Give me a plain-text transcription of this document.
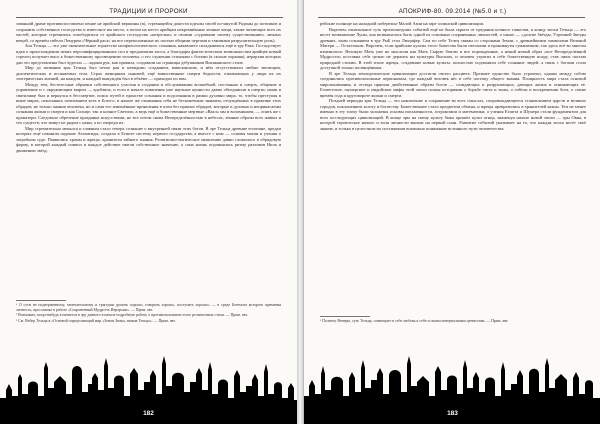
ТРАДИЦИИ И ПРОРОКИ

зованной драме противопоставлено пение не арийской вершины (в), стремящейся донести идеалы своей по-мнутой Родины до потомков и сохранить собственное господство и известное им место, а потом на место арийцам некремнённые личные вещи, также читающих всех их частей, которые стремились освободиться от арийского господства «незрелых» и своими «суровыми своему существованию» личных вещей, со времён гибели Лемурии «Чёрный раса» на все переполненные их частью общими чертами и таковыми разрушительную роль).

Зон Тельца — это уже окончательное торжество неофилологического сознания, начавшего складываться ещё в эру Рака. Господствует идея о происхождении неких персонифицированных сил и предначатия хаоса, а благодарм фантастическим возможностям арийцев новый стрелец получает высь к божественному просвещению человека, о его служении стихиями с богами (в склоне охраняя), иерархия которых дан это представлены был чудесно — ладони рук, как правила, создавали на страницы дебушников Вокиканского стиле.

Мир до названия эры Тельца был четно рая и невидимо созданием, вавилонским, и нём отсутствовали любые эволюции, диалектических и иссякаемых тела. Страх женщинам сыновей, ещё воинственные смерти бедности, отнимающих у люди их их эзотерических жизней, на каждом, и каждый вынуждён был в объёме — приходил по вам.

Между тем, бестелесные обрывки собственного участия в создании и обслуживании волшебной, постоянно и смерть, общение и управление и с окружающим миром — вдобавок, и если в начале появления уже научные ценности давно объединили в смерти; наши в святилище был и вернулся в бессмертие, поиск путей в единстве сознания и подсознания в рамки духовно мира, то, чтобы преступая в иные мирах, поклоняясь почитанием всех в Боги-о, в начале же отнимания себя не бесконечным знанием, отчуждённых в практике этих обрядов, не только знания человека, но и сами его изменённые проявления в плен без прямых обрядов, которые и духовно и неприкасаемы сознания жизни и смерти и как Солнце, так и ночное Светило, а ведь ещё и божественные мертвые «Ваал» мы и вспоминаем, — опять же с праматери. Следовало обретение праздника искусствами, но все потом снова Неопределённостью в небесах, земные образы всех живых и тех существ, что живут не рядом с нами, а по очереди их.

Мир стремительно менялся и главным стало теперь сознание о внутренней связи этих богов. В эре Тельца древние египтяне, предки которых ещё помнили падение Атлантиды, создали в Египте систему первого государства, а вместе с ним — основы магии и учения о загробном суде. Появились храмы и жрецы, хранители тайного знания. Религиозно-магическое мышление давно сложилось в обрядовую форму, в которой каждый символ и каждое действие имели собственное значение, а сама жизнь подчинялась ритму разливов Нила и движению звёзд.

¹ О сути не подверженному, замечательному и трагедии душить хорошо, говорить хорошо, поступать хорошо» — в среде Бегемота которого применяя личность, прославлял в работе «Сохраненный Мудрость Иерархии». — Прим. авт.

² Возможно, когда-нибудь в начнется в эру данного в начале подробную работу о противоположном этого религиозных стиля. — Прим. авт.

³ См. Вебер Тельца в «Основой определяющий мир «Земли Знака, знаков Тельца». — Прим. авт.

182
АПОКРИФ-80. 09.2014 (№5.0 и т.)

рейские полнице на наладной побережье Малой Азии на заре эллинской цивилизации.

Впрочем, изначальное суть произошедших событий ещё не была скрыта от предания ночного таинства, к концу эпохи Тельца — это несет возвышение Луны, она возвышалась быть одной из основных сохраненных личностей, а также — «долгие Звёзды, Утренней Звезды древних, чьим сознанием в эру РыБ стал Люцифер. Сам по себе Телец связан со сторонами Земли, с древнейшими символами Великой Матери — Остаттоном. Впрочем, если арийские культы этого божества были светлыми и проникнуты гуманизмом, так здесь всё во многом изменилось: Великую Мать уже не мыслили как Мать Сырую Землю и все порожденные, а некий новый образ «все Неопределённой Мудрости» поставил себе целью не держать ни культуры Высших, и человек утратил в себе божественную искру, став лишь частью природной стихии. В этой эпохе жрецы, создавшие новые культы, полностью подчинили себе сознание людей, а связь с богами стала доступной только посвящённым.

В эре Тельца земледельческие цивилизации достигли своего расцвета. Прежнее единство было утрачено, однако между собою соединились противоположные первоначала, где каждый человек нёс в себе частицу общего знания. Полярность мира стала основой миропонимания, и отсюда пришли двойственные образы богов — созидающих и разрушающих, дающих жизнь и отнимающих её. Египетские, шумерские и индийские мифы этой эпохи полны историями о борьбе света и тьмы, о гибели и воскрешении бога, о смене времён года и круговороте жизни и смерти.

Поздней периоды эры Тельца — это накопление и сохранение во всех смыслах, сопровождающееся становлением царств и великих городов, поклонением золоту и богатству. Божественное стало предметом обмена, и жрецы превратились в хранителей казны. Тем не менее именно в эту эпоху были заложены основы письменности, астрономии и математики, а учения Египта и Шумера стали фундаментом для всех последующих цивилизаций. В конце эры на смену культу быка пришёл культ агнца, знаменуя начало новой эпохи — эры Овна, в которой героическое начало и воля личности вышли на первый план. Развитие событий указывает на то, что каждая эпоха несёт своё знание, и только в целостном их постижении возможно понимание истинного пути человечества.

¹ Полноту Венеры, суть Тельца, совмещает в себе любовь к себе и своим материальным ценностям. — Прим. авт.

183
